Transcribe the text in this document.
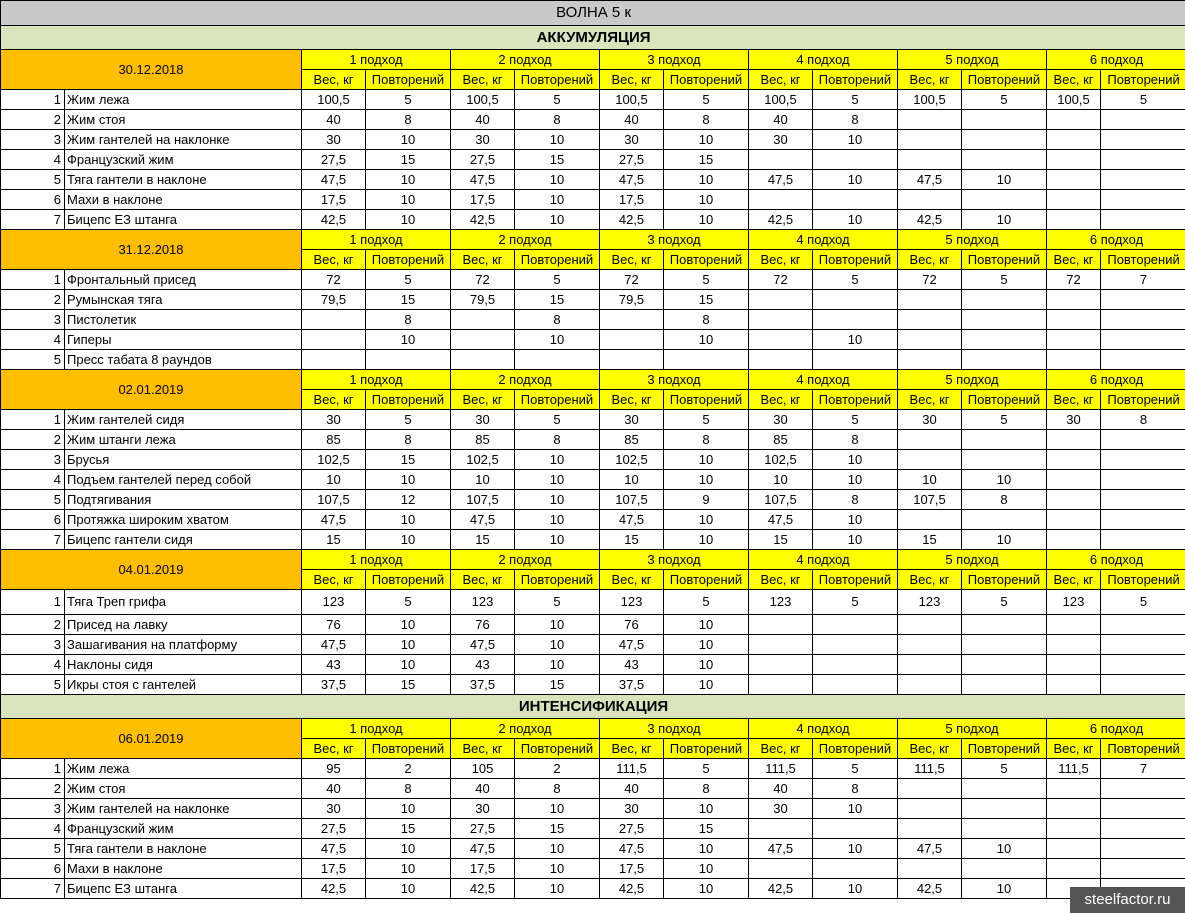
ВОЛНА 5 к													
АККУМУЛЯЦИЯ													
30.12.2018		1 подход		2 подход		3 подход		4 подход		5 подход		6 подход	
		Вес, кг	Повторений	Вес, кг	Повторений	Вес, кг	Повторений	Вес, кг	Повторений	Вес, кг	Повторений	Вес, кг	Повторений
1	Жим лежа	100,5	5	100,5	5	100,5	5	100,5	5	100,5	5	100,5	5
2	Жим стоя	40	8	40	8	40	8	40	8				
3	Жим гантелей на наклонке	30	10	30	10	30	10	30	10				
4	Французский жим	27,5	15	27,5	15	27,5	15						
5	Тяга гантели в наклоне	47,5	10	47,5	10	47,5	10	47,5	10	47,5	10		
6	Махи в наклоне	17,5	10	17,5	10	17,5	10						
7	Бицепс EЗ штанга	42,5	10	42,5	10	42,5	10	42,5	10	42,5	10		
31.12.2018		1 подход		2 подход		3 подход		4 подход		5 подход		6 подход	
		Вес, кг	Повторений	Вес, кг	Повторений	Вес, кг	Повторений	Вес, кг	Повторений	Вес, кг	Повторений	Вес, кг	Повторений
1	Фронтальный присед	72	5	72	5	72	5	72	5	72	5	72	7
2	Румынская тяга	79,5	15	79,5	15	79,5	15						
3	Пистолетик		8		8		8						
4	Гиперы		10		10		10		10				
5	Пресс табата 8 раундов												
02.01.2019		1 подход		2 подход		3 подход		4 подход		5 подход		6 подход	
		Вес, кг	Повторений	Вес, кг	Повторений	Вес, кг	Повторений	Вес, кг	Повторений	Вес, кг	Повторений	Вес, кг	Повторений
1	Жим гантелей сидя	30	5	30	5	30	5	30	5	30	5	30	8
2	Жим штанги лежа	85	8	85	8	85	8	85	8				
3	Брусья	102,5	15	102,5	10	102,5	10	102,5	10				
4	Подъем гантелей перед собой	10	10	10	10	10	10	10	10	10	10		
5	Подтягивания	107,5	12	107,5	10	107,5	9	107,5	8	107,5	8		
6	Протяжка широким хватом	47,5	10	47,5	10	47,5	10	47,5	10				
7	Бицепс гантели сидя	15	10	15	10	15	10	15	10	15	10		
04.01.2019		1 подход		2 подход		3 подход		4 подход		5 подход		6 подход	
		Вес, кг	Повторений	Вес, кг	Повторений	Вес, кг	Повторений	Вес, кг	Повторений	Вес, кг	Повторений	Вес, кг	Повторений
1	Тяга Треп грифа	123	5	123	5	123	5	123	5	123	5	123	5
2	Присед на лавку	76	10	76	10	76	10						
3	Зашагивания на платформу	47,5	10	47,5	10	47,5	10						
4	Наклоны сидя	43	10	43	10	43	10						
5	Икры стоя с гантелей	37,5	15	37,5	15	37,5	10						
ИНТЕНСИФИКАЦИЯ													
06.01.2019		1 подход		2 подход		3 подход		4 подход		5 подход		6 подход	
		Вес, кг	Повторений	Вес, кг	Повторений	Вес, кг	Повторений	Вес, кг	Повторений	Вес, кг	Повторений	Вес, кг	Повторений
1	Жим лежа	95	2	105	2	111,5	5	111,5	5	111,5	5	111,5	7
2	Жим стоя	40	8	40	8	40	8	40	8				
3	Жим гантелей на наклонке	30	10	30	10	30	10	30	10				
4	Французский жим	27,5	15	27,5	15	27,5	15						
5	Тяга гантели в наклоне	47,5	10	47,5	10	47,5	10	47,5	10	47,5	10		
6	Махи в наклоне	17,5	10	17,5	10	17,5	10						
7	Бицепс EЗ штанга	42,5	10	42,5	10	42,5	10	42,5	10	42,5	10		
steelfactor.ru
